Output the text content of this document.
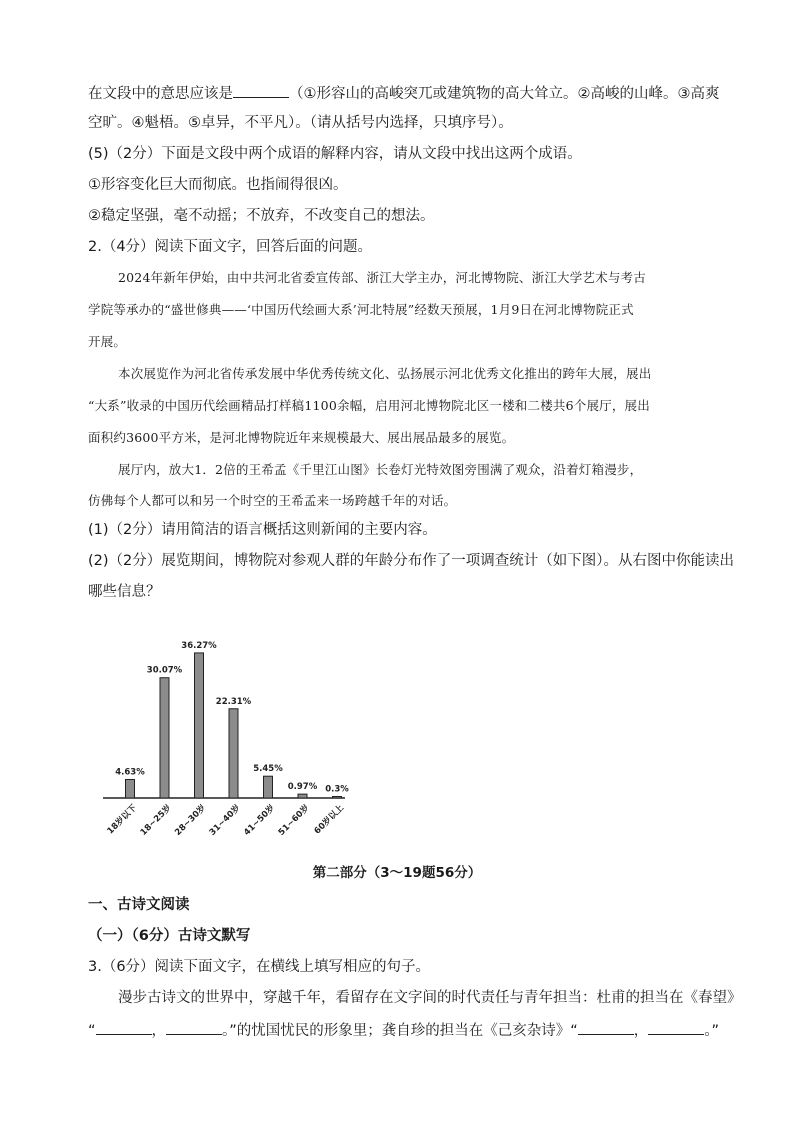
在文段中的意思应该是	（①形容山的高峻突兀或建筑物的高大耸立。②高峻的山峰。③高爽
空旷。④魁梧。⑤卓异，不平凡）。（请从括号内选择，只填序号）。
(5)（2分）下面是文段中两个成语的解释内容，请从文段中找出这两个成语。
①形容变化巨大而彻底。也指闹得很凶。
②稳定坚强，毫不动摇；不放弃，不改变自己的想法。
2.（4分）阅读下面文字，回答后面的问题。
2024年新年伊始，由中共河北省委宣传部、浙江大学主办，河北博物院、浙江大学艺术与考古
学院等承办的“盛世修典——‘中国历代绘画大系’河北特展”经数天预展，1月9日在河北博物院正式
开展。
本次展览作为河北省传承发展中华优秀传统文化、弘扬展示河北优秀文化推出的跨年大展，展出
“大系”收录的中国历代绘画精品打样稿1100余幅，启用河北博物院北区一楼和二楼共6个展厅，展出
面积约3600平方米，是河北博物院近年来规模最大、展出展品最多的展览。
展厅内，放大1．2倍的王希孟《千里江山图》长卷灯光特效图旁围满了观众，沿着灯箱漫步，
仿佛每个人都可以和另一个时空的王希孟来一场跨越千年的对话。
(1)（2分）请用简洁的语言概括这则新闻的主要内容。
(2)（2分）展览期间，博物院对参观人群的年龄分布作了一项调查统计（如下图）。从右图中你能读出
哪些信息？
4.63%
18岁以下
30.07%
18~25岁
36.27%
28~30岁
22.31%
31~40岁
5.45%
41~50岁
0.97%
51~60岁
0.3%
60岁以上
第二部分（3～19题56分）
一、古诗文阅读
（一）（6分）古诗文默写
3.（6分）阅读下面文字，在横线上填写相应的句子。
漫步古诗文的世界中，穿越千年，看留存在文字间的时代责任与青年担当：杜甫的担当在《春望》
“	，	。”的忧国忧民的形象里；龚自珍的担当在《己亥杂诗》“	，	。”
